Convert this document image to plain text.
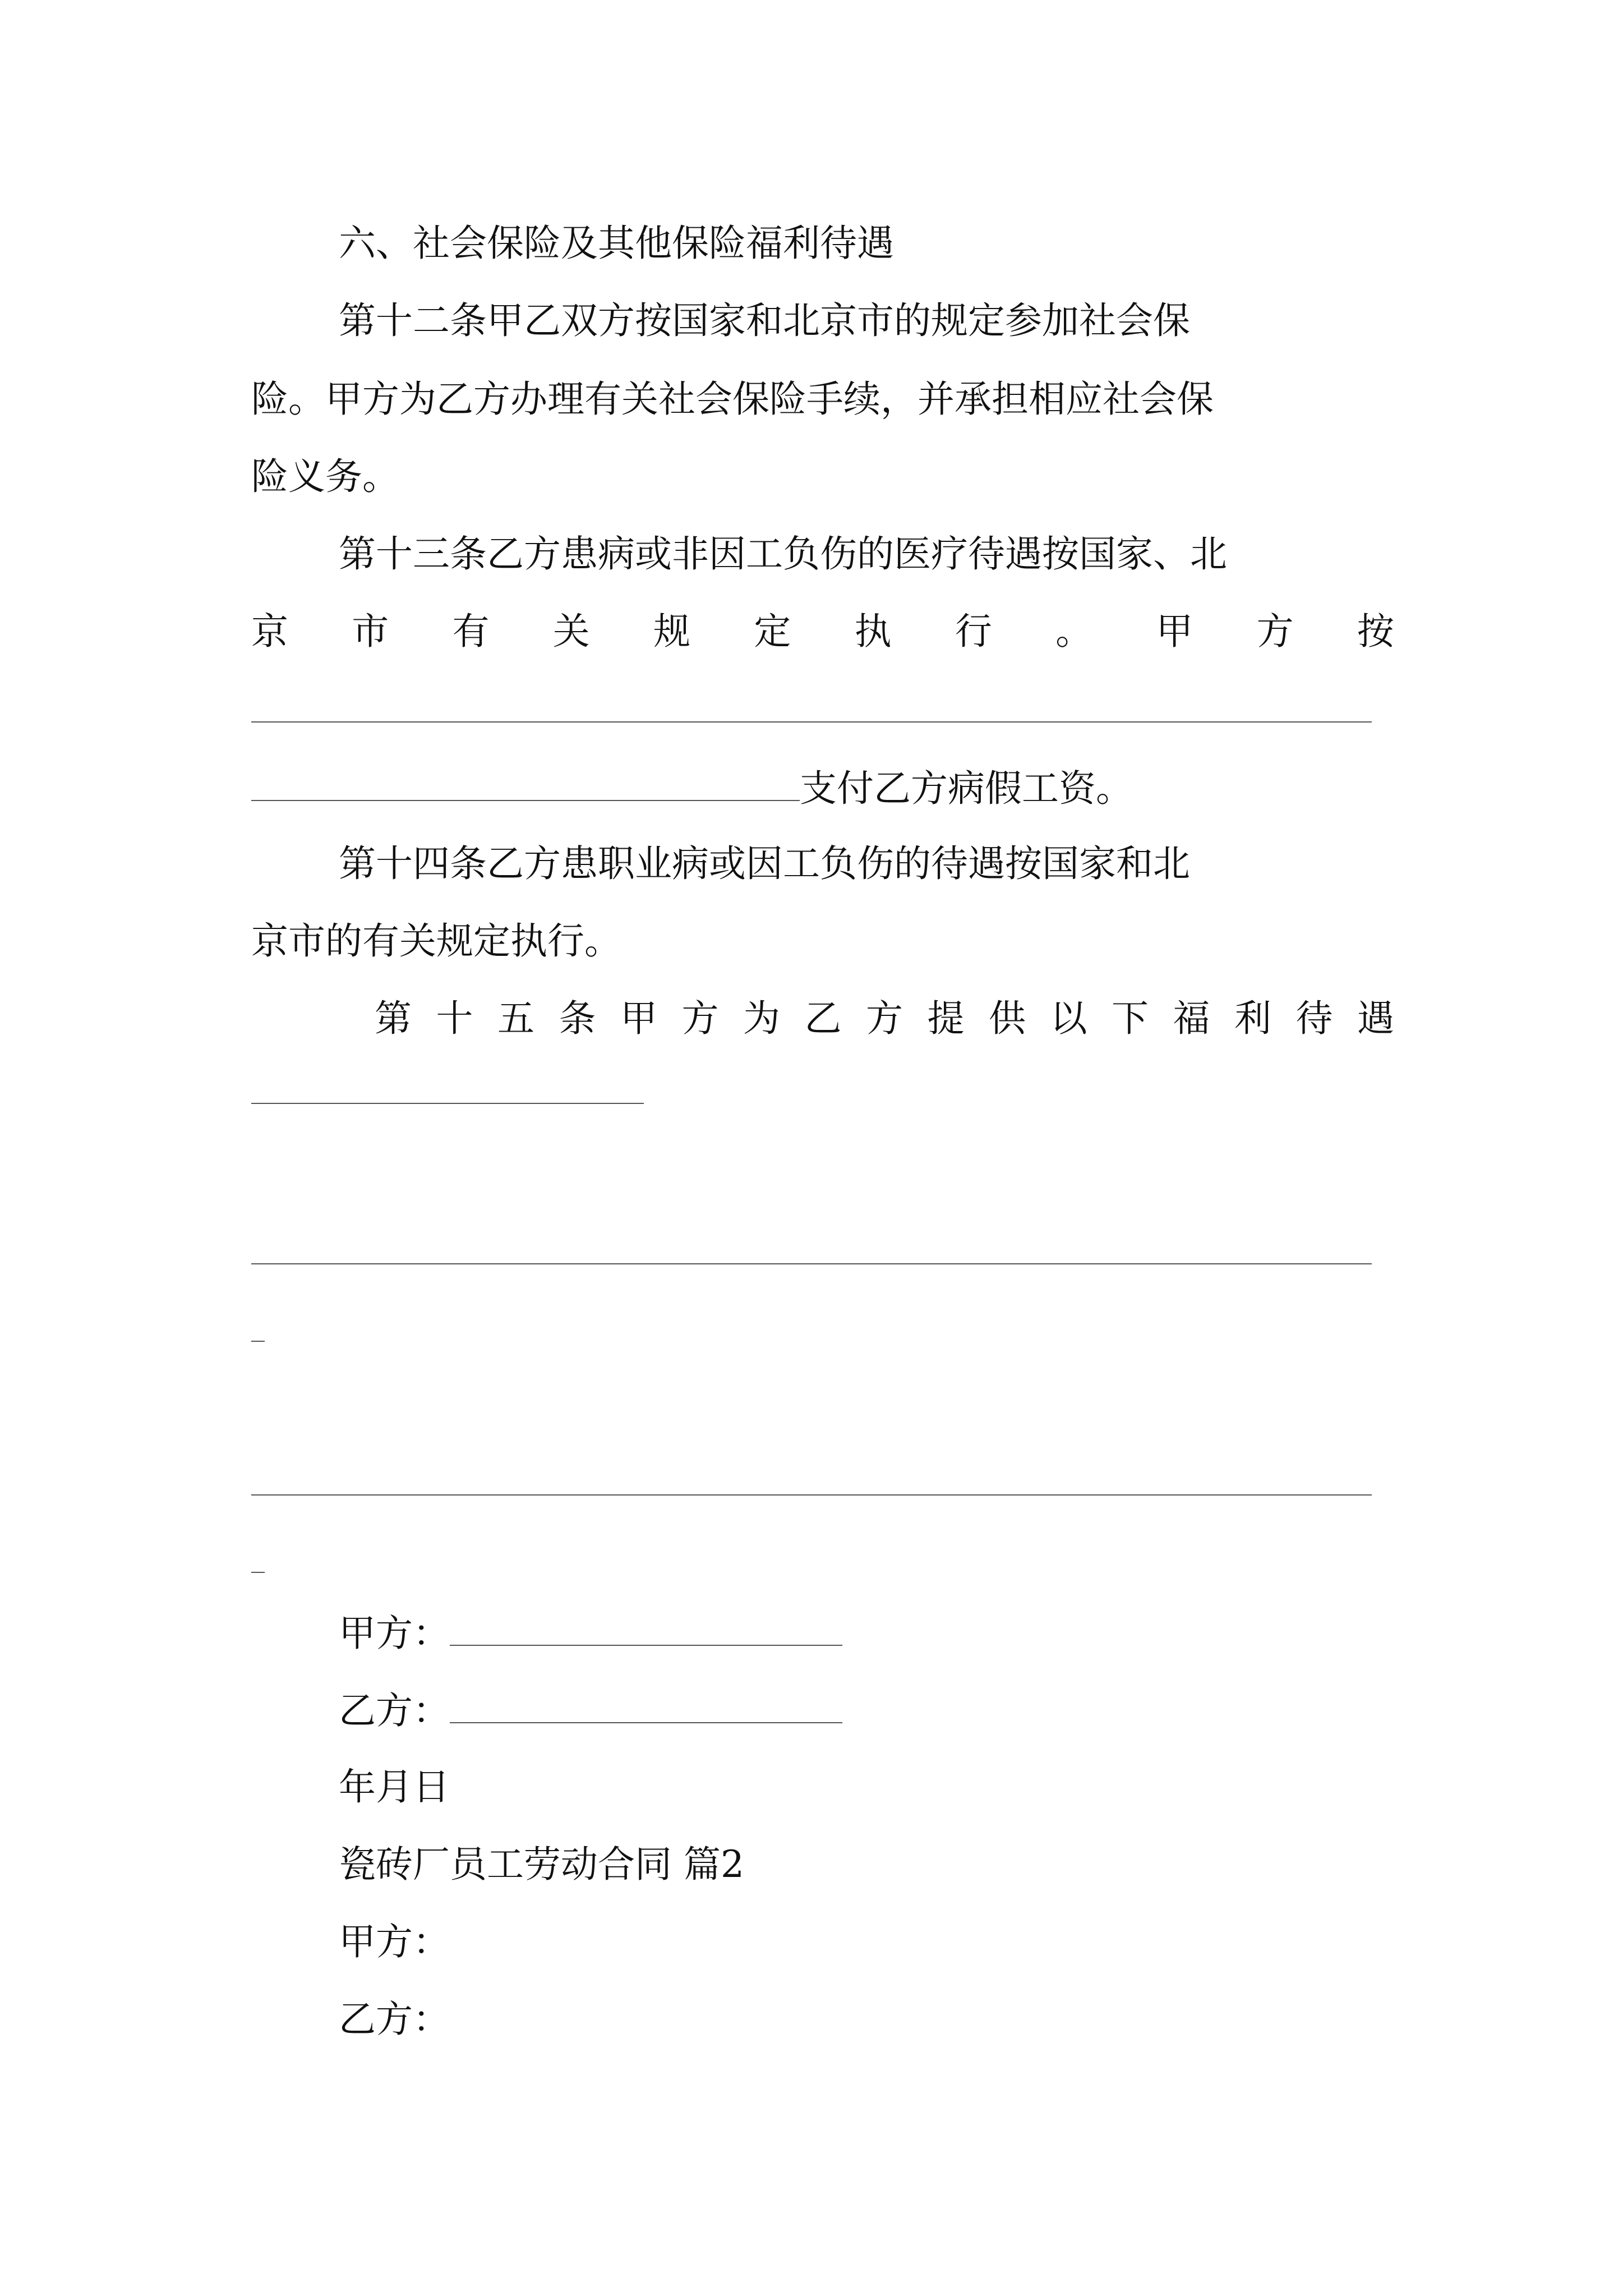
六、社会保险及其他保险福利待遇
第十二条甲乙双方按国家和北京市的规定参加社会保
险。甲方为乙方办理有关社会保险手续，并承担相应社会保
险义务。
第十三条乙方患病或非因工负伤的医疗待遇按国家、北
京 市 有 关 规 定 执 行 。 甲 方 按
支付乙方病假工资。
第十四条乙方患职业病或因工负伤的待遇按国家和北
京市的有关规定执行。
第 十 五 条 甲 方 为 乙 方 提 供 以 下 福 利 待 遇
甲方：
乙方：
年月日
瓷砖厂员工劳动合同 篇2
甲方：
乙方：
